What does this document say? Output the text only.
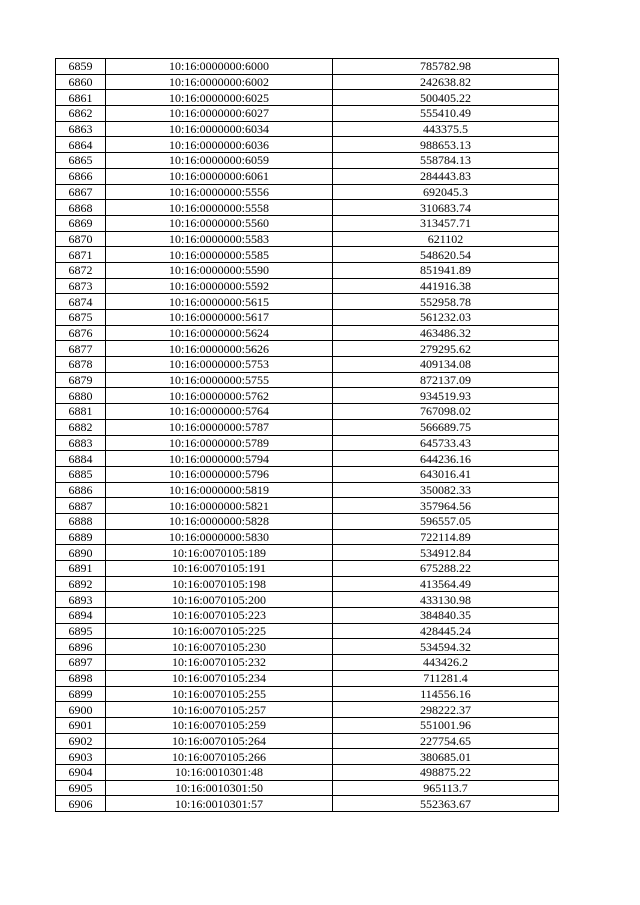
6859	10:16:0000000:6000	785782.98
6860	10:16:0000000:6002	242638.82
6861	10:16:0000000:6025	500405.22
6862	10:16:0000000:6027	555410.49
6863	10:16:0000000:6034	443375.5
6864	10:16:0000000:6036	988653.13
6865	10:16:0000000:6059	558784.13
6866	10:16:0000000:6061	284443.83
6867	10:16:0000000:5556	692045.3
6868	10:16:0000000:5558	310683.74
6869	10:16:0000000:5560	313457.71
6870	10:16:0000000:5583	621102
6871	10:16:0000000:5585	548620.54
6872	10:16:0000000:5590	851941.89
6873	10:16:0000000:5592	441916.38
6874	10:16:0000000:5615	552958.78
6875	10:16:0000000:5617	561232.03
6876	10:16:0000000:5624	463486.32
6877	10:16:0000000:5626	279295.62
6878	10:16:0000000:5753	409134.08
6879	10:16:0000000:5755	872137.09
6880	10:16:0000000:5762	934519.93
6881	10:16:0000000:5764	767098.02
6882	10:16:0000000:5787	566689.75
6883	10:16:0000000:5789	645733.43
6884	10:16:0000000:5794	644236.16
6885	10:16:0000000:5796	643016.41
6886	10:16:0000000:5819	350082.33
6887	10:16:0000000:5821	357964.56
6888	10:16:0000000:5828	596557.05
6889	10:16:0000000:5830	722114.89
6890	10:16:0070105:189	534912.84
6891	10:16:0070105:191	675288.22
6892	10:16:0070105:198	413564.49
6893	10:16:0070105:200	433130.98
6894	10:16:0070105:223	384840.35
6895	10:16:0070105:225	428445.24
6896	10:16:0070105:230	534594.32
6897	10:16:0070105:232	443426.2
6898	10:16:0070105:234	711281.4
6899	10:16:0070105:255	114556.16
6900	10:16:0070105:257	298222.37
6901	10:16:0070105:259	551001.96
6902	10:16:0070105:264	227754.65
6903	10:16:0070105:266	380685.01
6904	10:16:0010301:48	498875.22
6905	10:16:0010301:50	965113.7
6906	10:16:0010301:57	552363.67
